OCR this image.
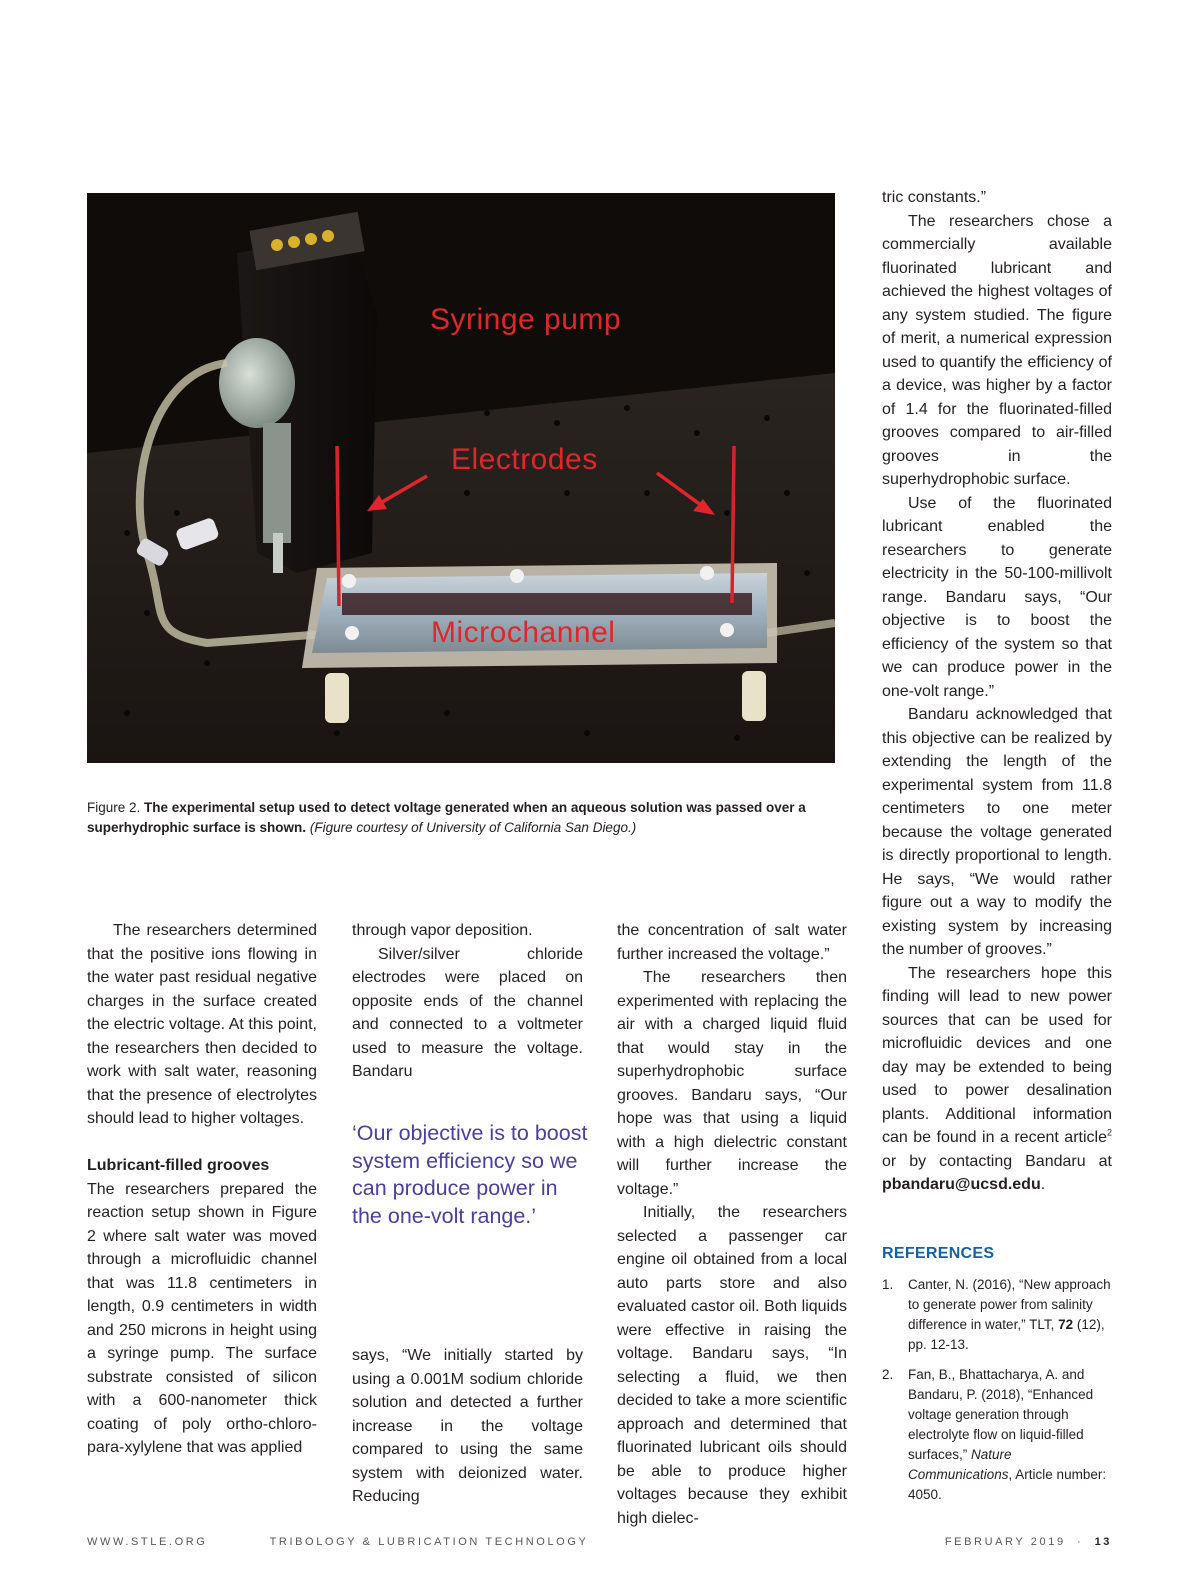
Syringe pump
Electrodes
Microchannel
Figure 2. The experimental setup used to detect voltage generated when an aqueous solution was passed over a superhydrophic surface is shown. (Figure courtesy of University of California San Diego.)

The researchers determined that the positive ions flowing in the water past residual negative charges in the surface created the electric voltage. At this point, the researchers then decided to work with salt water, reasoning that the presence of electrolytes should lead to higher voltages.

Lubricant-filled grooves

The researchers prepared the reaction setup shown in Figure 2 where salt water was moved through a microfluidic channel that was 11.8 centimeters in length, 0.9 centimeters in width and 250 microns in height using a syringe pump. The surface substrate consisted of silicon with a 600-nanometer thick coating of poly ortho-chloro-para-xylylene that was applied

through vapor deposition.

Silver/silver chloride electrodes were placed on opposite ends of the channel and connected to a voltmeter used to measure the voltage. Bandaru

‘Our objective is to boost system efficiency so we can produce power in the one-volt range.’

says, “We initially started by using a 0.001M sodium chloride solution and detected a further increase in the voltage compared to using the same system with deionized water. Reducing

the concentration of salt water further increased the voltage.”

The researchers then experimented with replacing the air with a charged liquid fluid that would stay in the superhydrophobic surface grooves. Bandaru says, “Our hope was that using a liquid with a high dielectric constant will further increase the voltage.”

Initially, the researchers selected a passenger car engine oil obtained from a local auto parts store and also evaluated castor oil. Both liquids were effective in raising the voltage. Bandaru says, “In selecting a fluid, we then decided to take a more scientific approach and determined that fluorinated lubricant oils should be able to produce higher voltages because they exhibit high dielec-

tric constants.”

The researchers chose a commercially available fluorinated lubricant and achieved the highest voltages of any system studied. The figure of merit, a numerical expression used to quantify the efficiency of a device, was higher by a factor of 1.4 for the fluorinated-filled grooves compared to air-filled grooves in the superhydrophobic surface.

Use of the fluorinated lubricant enabled the researchers to generate electricity in the 50-100-millivolt range. Bandaru says, “Our objective is to boost the efficiency of the system so that we can produce power in the one-volt range.”

Bandaru acknowledged that this objective can be realized by extending the length of the experimental system from 11.8 centimeters to one meter because the voltage generated is directly proportional to length. He says, “We would rather figure out a way to modify the existing system by increasing the number of grooves.”

The researchers hope this finding will lead to new power sources that can be used for microfluidic devices and one day may be extended to being used to power desalination plants. Additional information can be found in a recent article$^2$ or by contacting Bandaru at pbandaru@ucsd.edu.

REFERENCES
1.	Canter, N. (2016), “New approach to generate power from salinity difference in water,” TLT, 72 (12), pp. 12-13.
2.	Fan, B., Bhattacharya, A. and Bandaru, P. (2018), “Enhanced voltage generation through electrolyte flow on liquid-filled surfaces,” Nature Communications, Article number: 4050.
WWW.STLE.ORG	TRIBOLOGY & LUBRICATION TECHNOLOGY	FEBRUARY 2019 · 13
